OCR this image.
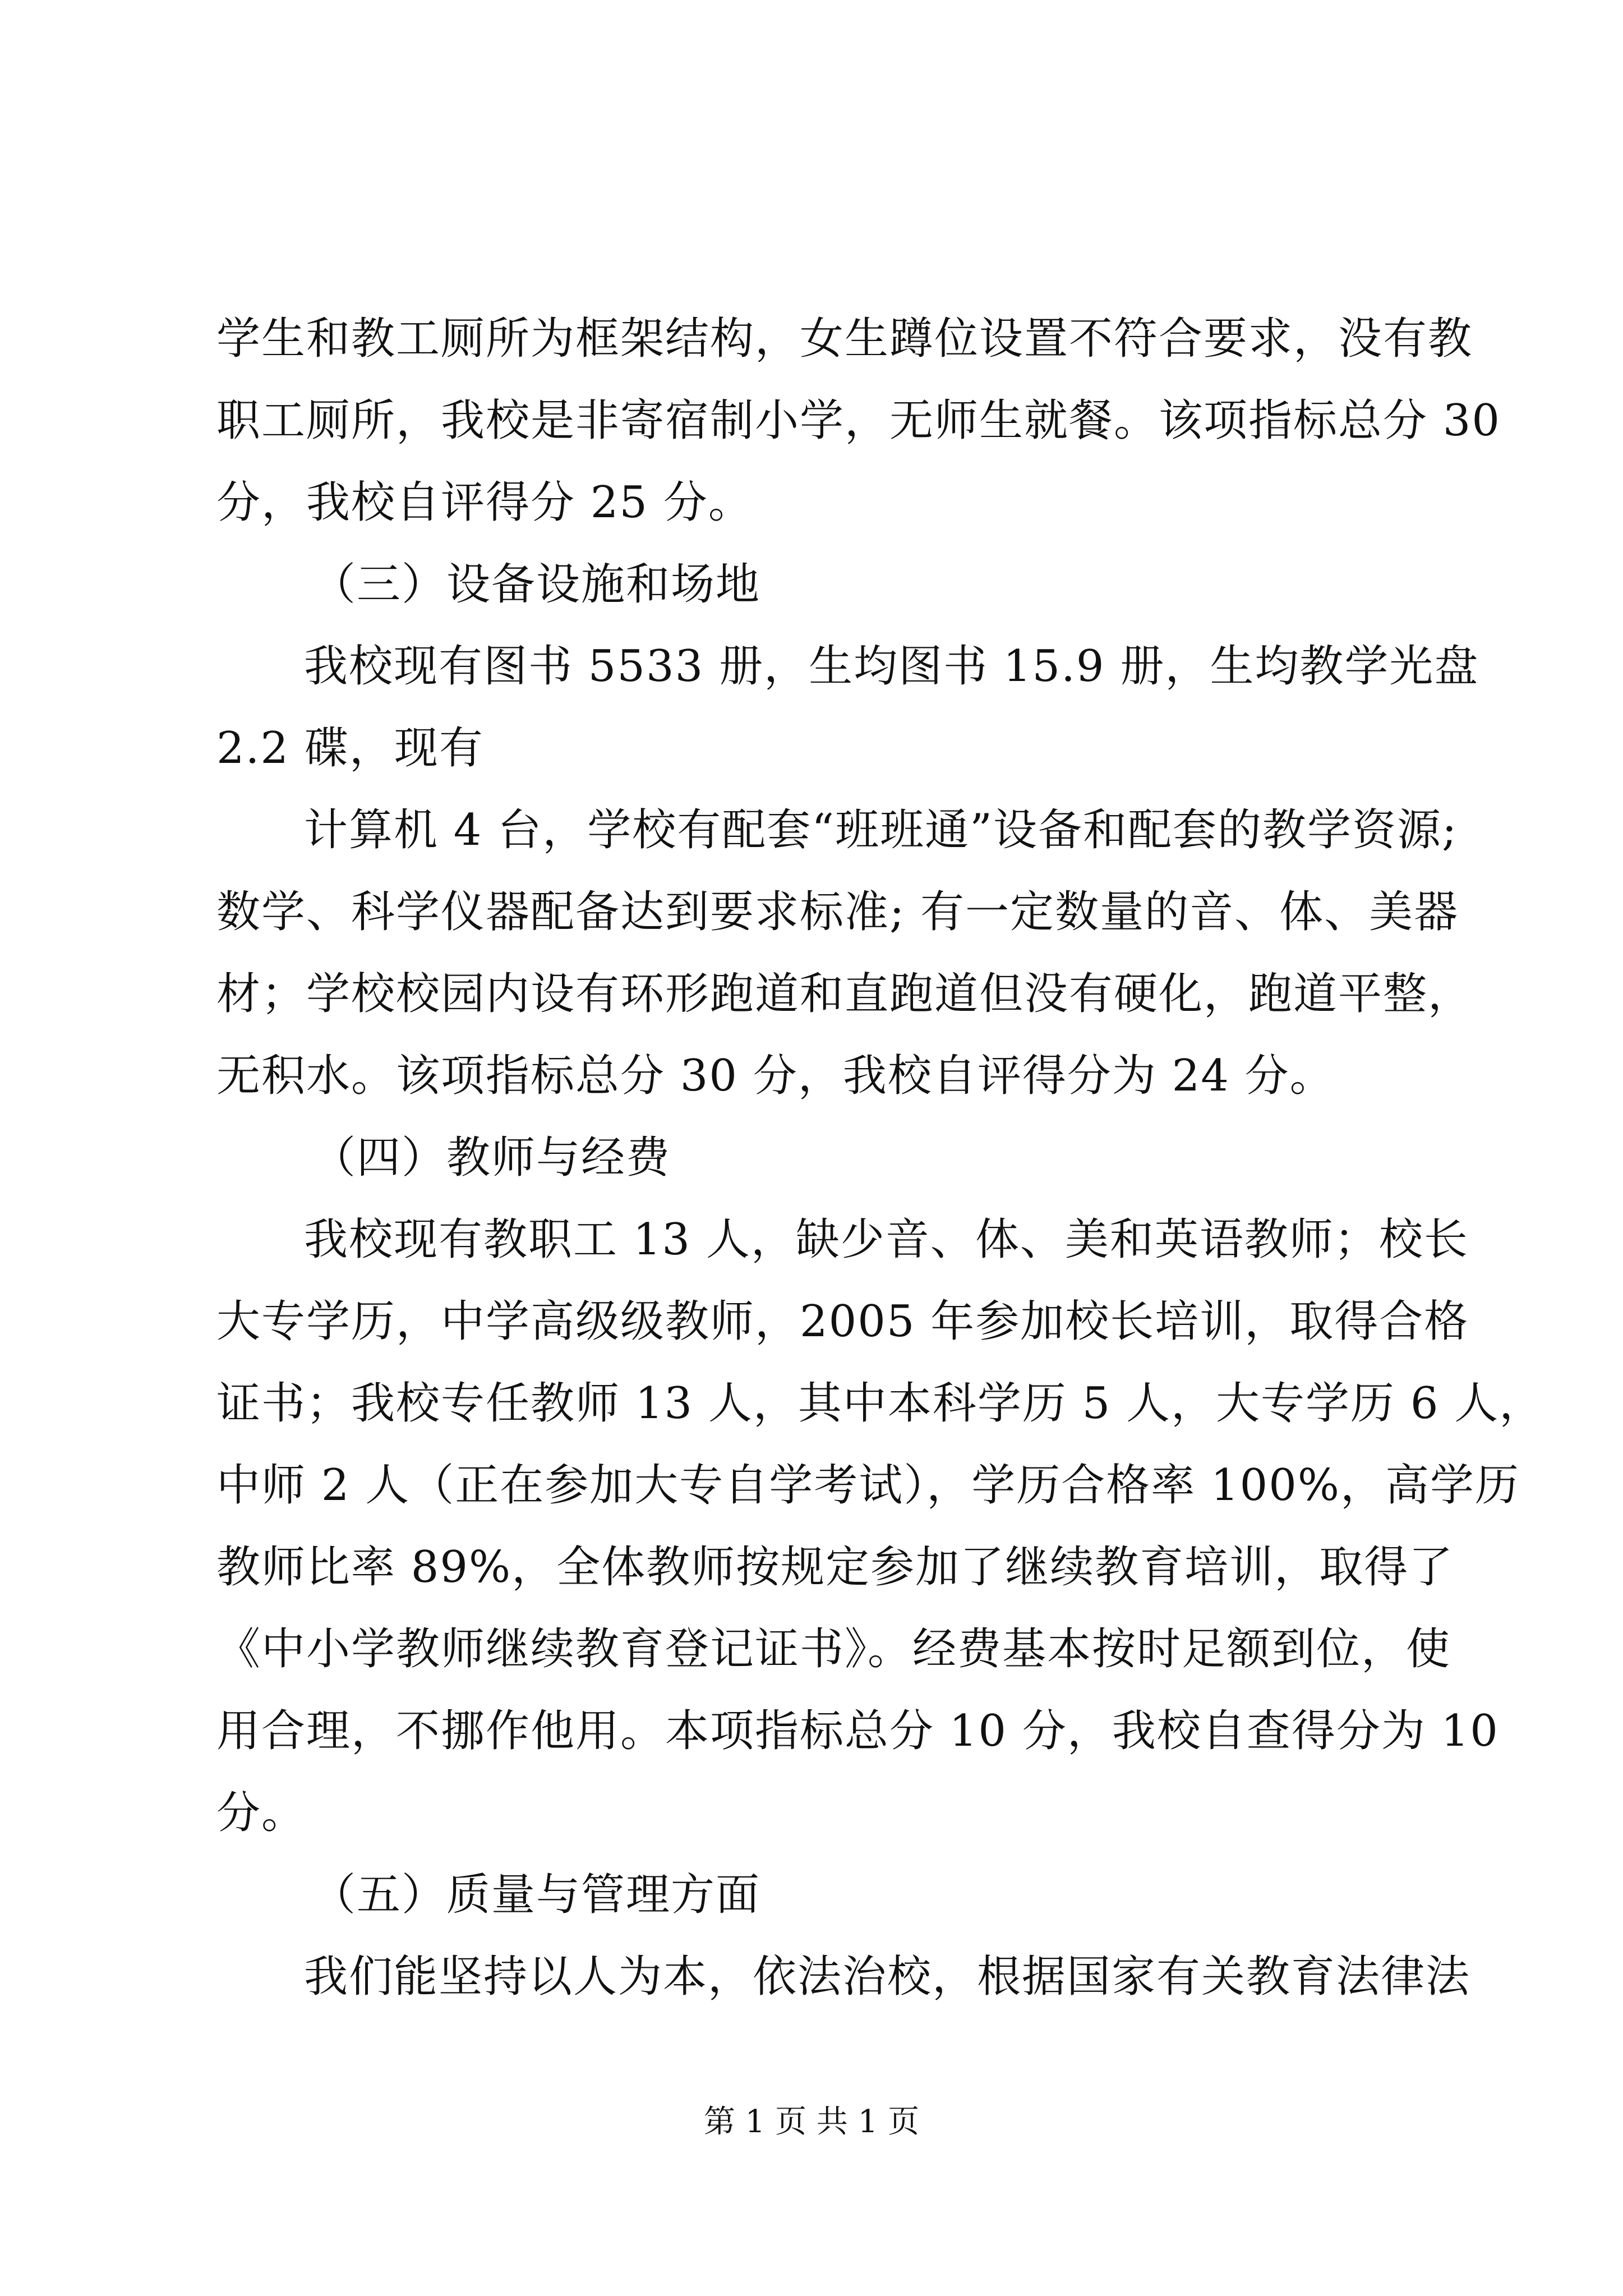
学生和教工厕所为框架结构，女生蹲位设置不符合要求，没有教
职工厕所，我校是非寄宿制小学，无师生就餐。该项指标总分 30
分，我校自评得分 25 分。
（三）设备设施和场地
我校现有图书 5533 册，生均图书 15.9 册，生均教学光盘
2.2 碟，现有
计算机 4 台，学校有配套“班班通”设备和配套的教学资源;
数学、科学仪器配备达到要求标准; 有一定数量的音、体、美器
材；学校校园内设有环形跑道和直跑道但没有硬化，跑道平整，
无积水。该项指标总分 30 分，我校自评得分为 24 分。
（四）教师与经费
我校现有教职工 13 人，缺少音、体、美和英语教师；校长
大专学历，中学高级级教师，2005 年参加校长培训，取得合格
证书；我校专任教师 13 人，其中本科学历 5 人，大专学历 6 人，
中师 2 人（正在参加大专自学考试），学历合格率 100%，高学历
教师比率 89%，全体教师按规定参加了继续教育培训，取得了
《中小学教师继续教育登记证书》。经费基本按时足额到位，使
用合理，不挪作他用。本项指标总分 10 分，我校自查得分为 10
分。
（五）质量与管理方面
我们能坚持以人为本，依法治校，根据国家有关教育法律法
第 1 页 共 1 页
